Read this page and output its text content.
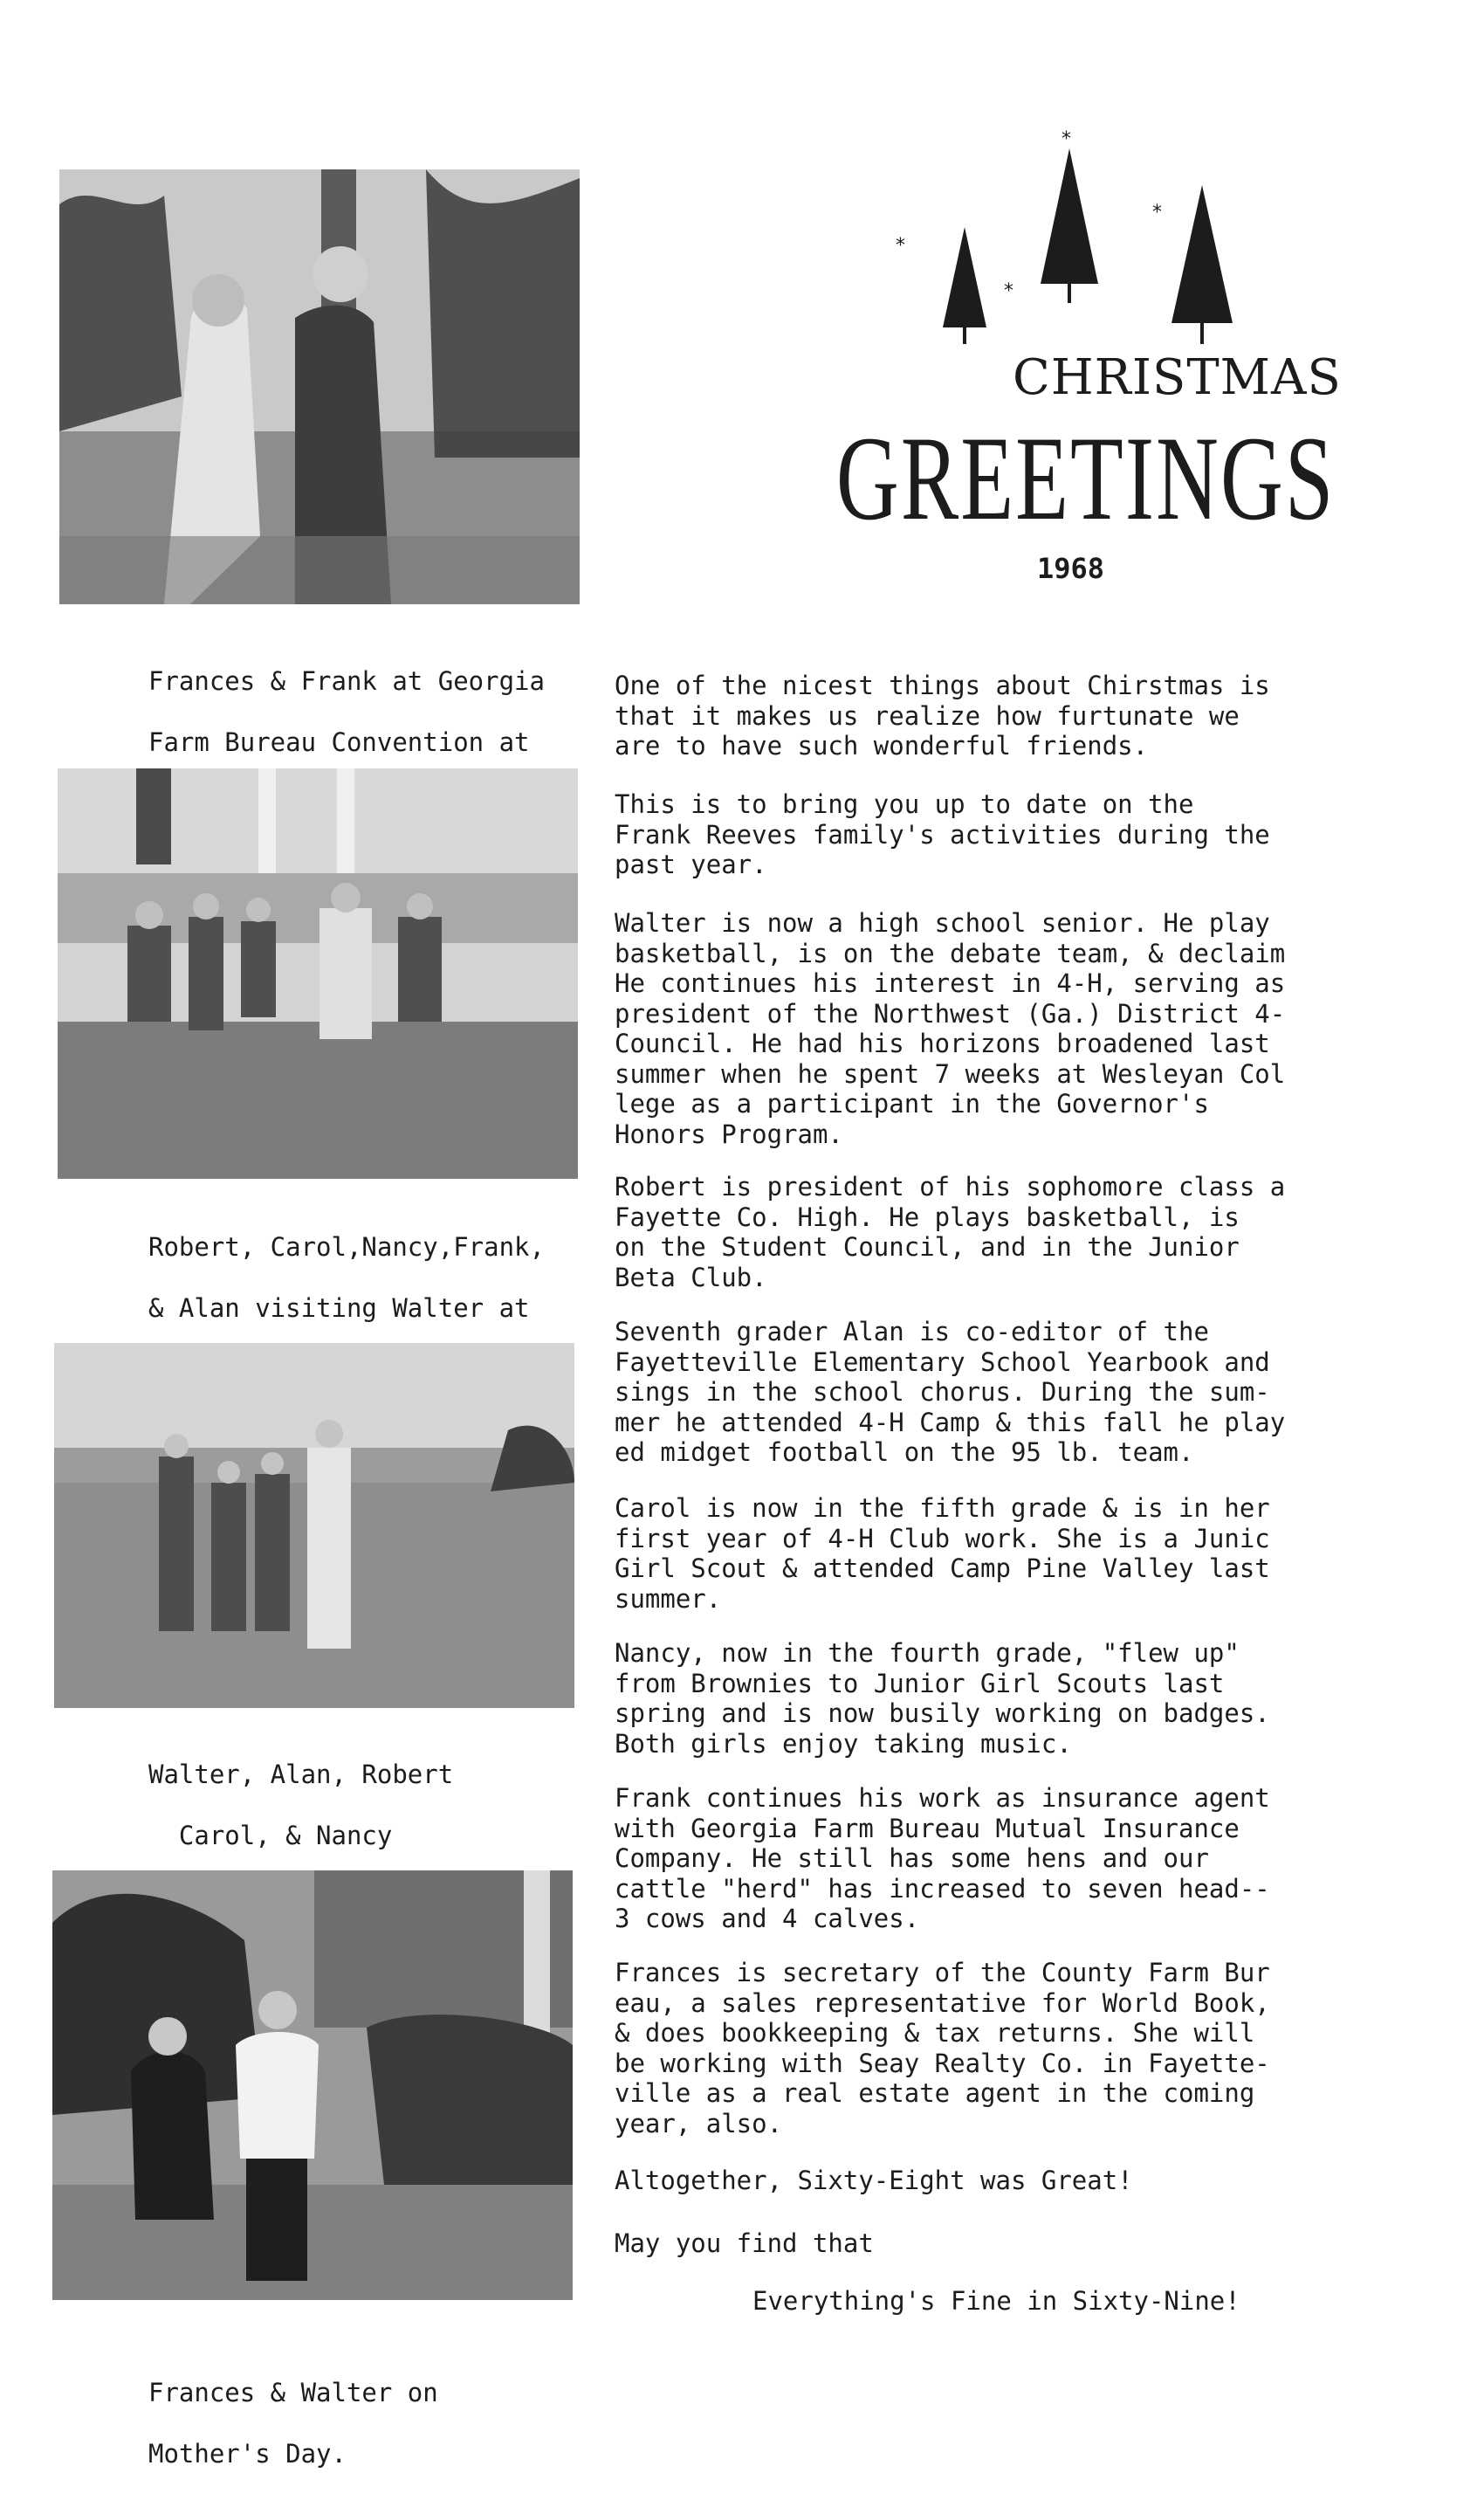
*
*
*
*
CHRISTMAS
GREETINGS
1968

Frances & Frank at Georgia

Farm Bureau Convention at

Robert, Carol,Nancy,Frank,

& Alan visiting Walter at

Walter, Alan, Robert

Carol, & Nancy

Frances & Walter on

Mother's Day.

One of the nicest things about Chirstmas is
that it makes us realize how furtunate we
are to have such wonderful friends.
This is to bring you up to date on the
Frank Reeves family's activities during the
past year.
Walter is now a high school senior. He play
basketball, is on the debate team, & declaim
He continues his interest in 4-H, serving as
president of the Northwest (Ga.) District 4-
Council. He had his horizons broadened last
summer when he spent 7 weeks at Wesleyan Col
lege as a participant in the Governor's
Honors Program.
Robert is president of his sophomore class a
Fayette Co. High. He plays basketball, is
on the Student Council, and in the Junior
Beta Club.
Seventh grader Alan is co-editor of the
Fayetteville Elementary School Yearbook and
sings in the school chorus. During the sum-
mer he attended 4-H Camp & this fall he play
ed midget football on the 95 lb. team.
Carol is now in the fifth grade & is in her
first year of 4-H Club work. She is a Junic
Girl Scout & attended Camp Pine Valley last
summer.
Nancy, now in the fourth grade, "flew up"
from Brownies to Junior Girl Scouts last
spring and is now busily working on badges.
Both girls enjoy taking music.
Frank continues his work as insurance agent
with Georgia Farm Bureau Mutual Insurance
Company. He still has some hens and our
cattle "herd" has increased to seven head--
3 cows and 4 calves.
Frances is secretary of the County Farm Bur
eau, a sales representative for World Book,
& does bookkeeping & tax returns. She will
be working with Seay Realty Co. in Fayette-
ville as a real estate agent in the coming
year, also.
Altogether, Sixty-Eight was Great!
May you find that
Everything's Fine in Sixty-Nine!
